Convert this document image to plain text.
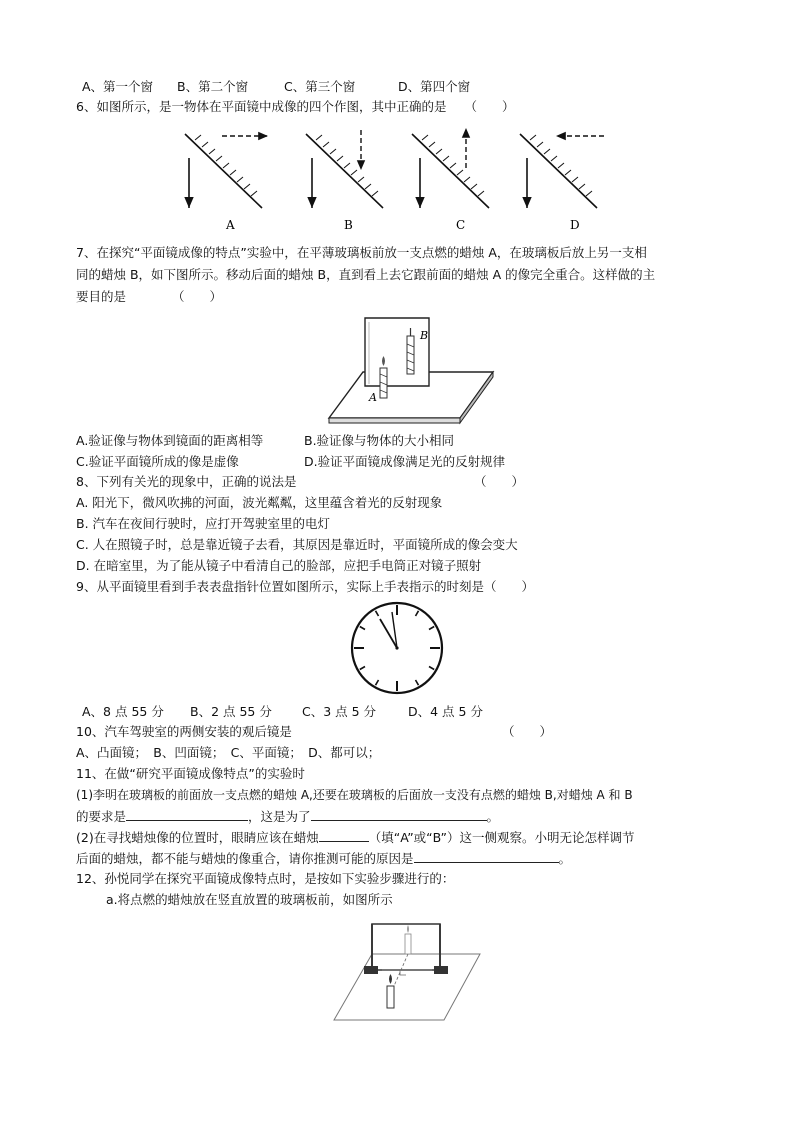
A、第一个窗 B、第二个窗	C、第三个窗	D、第四个窗
6、如图所示，是一物体在平面镜中成像的四个作图，其中正确的是 （　　）
A	B	C	D
7、在探究“平面镜成像的特点”实验中，在平薄玻璃板前放一支点燃的蜡烛 A，在玻璃板后放上另一支相
同的蜡烛 B，如下图所示。移动后面的蜡烛 B，直到看上去它跟前面的蜡烛 A 的像完全重合。这样做的主
要目的是	（　　）
B
A
A.验证像与物体到镜面的距离相等	B.验证像与物体的大小相同
C.验证平面镜所成的像是虚像	D.验证平面镜成像满足光的反射规律
8、下列有关光的现象中，正确的说法是	（　　）
A. 阳光下，微风吹拂的河面，波光粼粼，这里蕴含着光的反射现象
B. 汽车在夜间行驶时，应打开驾驶室里的电灯
C. 人在照镜子时，总是靠近镜子去看，其原因是靠近时，平面镜所成的像会变大
D. 在暗室里，为了能从镜子中看清自己的脸部，应把手电筒正对镜子照射
9、从平面镜里看到手表表盘指针位置如图所示，实际上手表指示的时刻是（　　）
A、8 点 55 分 B、2 点 55 分 C、3 点 5 分	D、4 点 5 分
10、汽车驾驶室的两侧安装的观后镜是	（　　）
A、凸面镜；　B、凹面镜；　C、平面镜；　D、都可以；
11、在做“研究平面镜成像特点”的实验时
(1)李明在玻璃板的前面放一支点燃的蜡烛 A,还要在玻璃板的后面放一支没有点燃的蜡烛 B,对蜡烛 A 和 B
的要求是	，这是为了	。
(2)在寻找蜡烛像的位置时，眼睛应该在蜡烛	（填“A”或“B”）这一侧观察。小明无论怎样调节
后面的蜡烛，都不能与蜡烛的像重合，请你推测可能的原因是	。
12、孙悦同学在探究平面镜成像特点时，是按如下实验步骤进行的：
a.将点燃的蜡烛放在竖直放置的玻璃板前，如图所示
